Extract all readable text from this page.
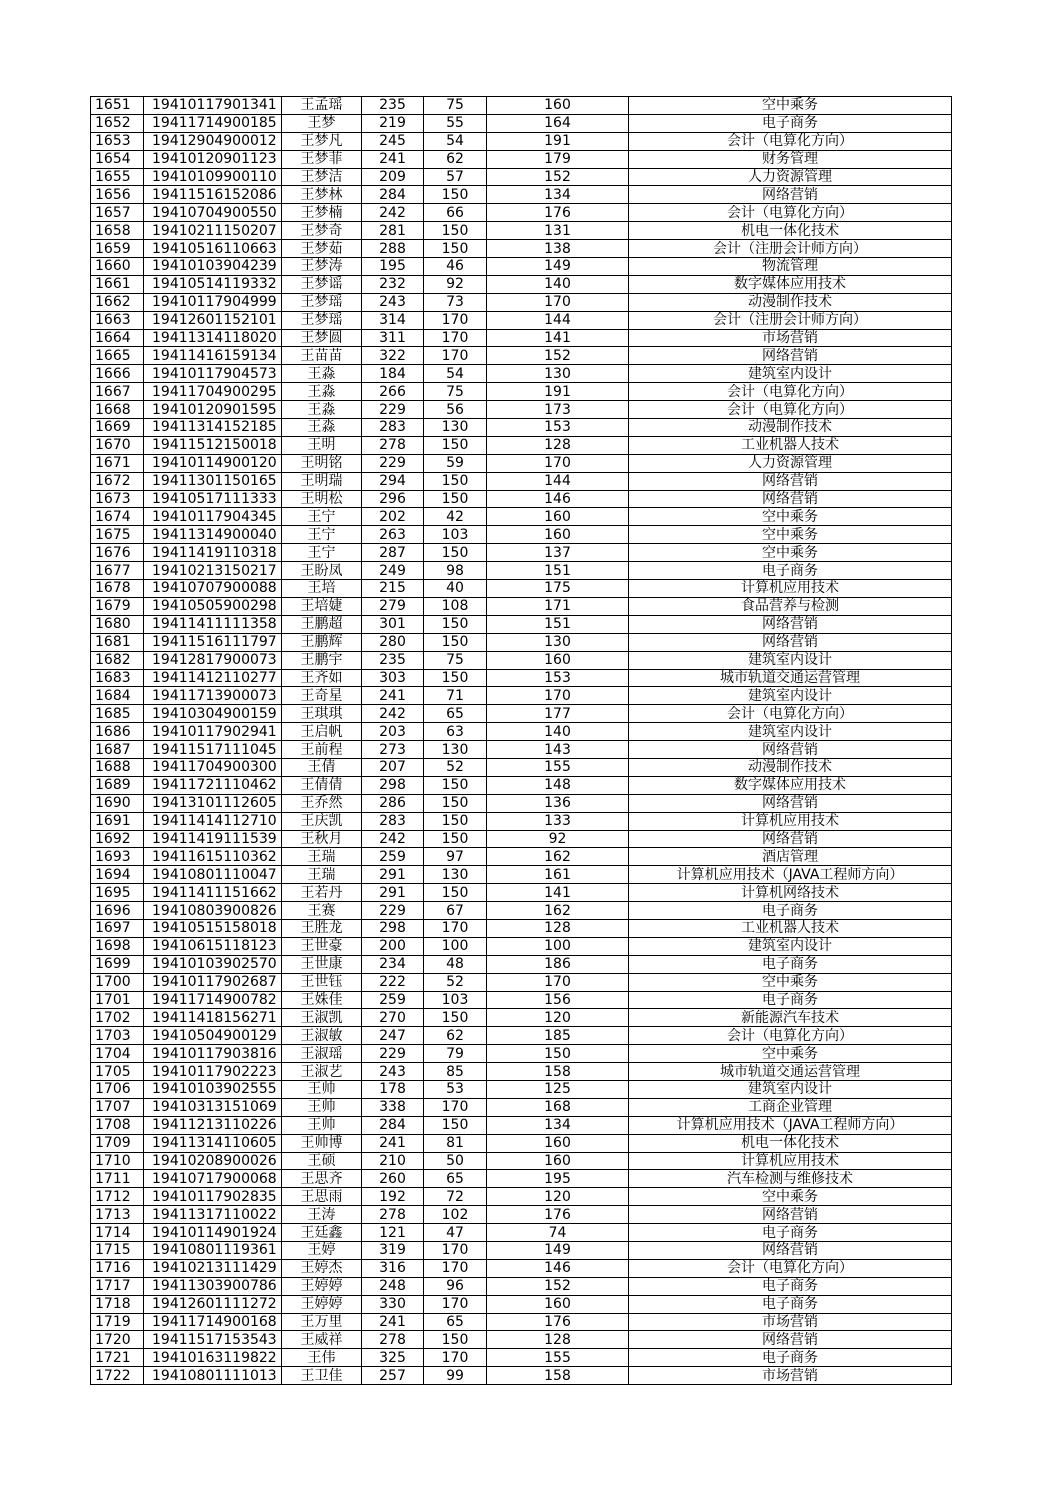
1651	19410117901341	王孟瑶	235	75	160	空中乘务
1652	19411714900185	王梦	219	55	164	电子商务
1653	19412904900012	王梦凡	245	54	191	会计（电算化方向）
1654	19410120901123	王梦菲	241	62	179	财务管理
1655	19410109900110	王梦洁	209	57	152	人力资源管理
1656	19411516152086	王梦林	284	150	134	网络营销
1657	19410704900550	王梦楠	242	66	176	会计（电算化方向）
1658	19410211150207	王梦奇	281	150	131	机电一体化技术
1659	19410516110663	王梦茹	288	150	138	会计（注册会计师方向）
1660	19410103904239	王梦涛	195	46	149	物流管理
1661	19410514119332	王梦谣	232	92	140	数字媒体应用技术
1662	19410117904999	王梦瑶	243	73	170	动漫制作技术
1663	19412601152101	王梦瑶	314	170	144	会计（注册会计师方向）
1664	19411314118020	王梦圆	311	170	141	市场营销
1665	19411416159134	王苗苗	322	170	152	网络营销
1666	19410117904573	王淼	184	54	130	建筑室内设计
1667	19411704900295	王淼	266	75	191	会计（电算化方向）
1668	19410120901595	王淼	229	56	173	会计（电算化方向）
1669	19411314152185	王淼	283	130	153	动漫制作技术
1670	19411512150018	王明	278	150	128	工业机器人技术
1671	19410114900120	王明铭	229	59	170	人力资源管理
1672	19411301150165	王明瑞	294	150	144	网络营销
1673	19410517111333	王明松	296	150	146	网络营销
1674	19410117904345	王宁	202	42	160	空中乘务
1675	19411314900040	王宁	263	103	160	空中乘务
1676	19411419110318	王宁	287	150	137	空中乘务
1677	19410213150217	王盼凤	249	98	151	电子商务
1678	19410707900088	王培	215	40	175	计算机应用技术
1679	19410505900298	王培婕	279	108	171	食品营养与检测
1680	19411411111358	王鹏超	301	150	151	网络营销
1681	19411516111797	王鹏辉	280	150	130	网络营销
1682	19412817900073	王鹏宇	235	75	160	建筑室内设计
1683	19411412110277	王齐如	303	150	153	城市轨道交通运营管理
1684	19411713900073	王奇星	241	71	170	建筑室内设计
1685	19410304900159	王琪琪	242	65	177	会计（电算化方向）
1686	19410117902941	王启帆	203	63	140	建筑室内设计
1687	19411517111045	王前程	273	130	143	网络营销
1688	19411704900300	王倩	207	52	155	动漫制作技术
1689	19411721110462	王倩倩	298	150	148	数字媒体应用技术
1690	19413101112605	王乔然	286	150	136	网络营销
1691	19411414112710	王庆凯	283	150	133	计算机应用技术
1692	19411419111539	王秋月	242	150	92	网络营销
1693	19411615110362	王瑞	259	97	162	酒店管理
1694	19410801110047	王瑞	291	130	161	计算机应用技术（JAVA工程师方向）
1695	19411411151662	王若丹	291	150	141	计算机网络技术
1696	19410803900826	王赛	229	67	162	电子商务
1697	19410515158018	王胜龙	298	170	128	工业机器人技术
1698	19410615118123	王世豪	200	100	100	建筑室内设计
1699	19410103902570	王世康	234	48	186	电子商务
1700	19410117902687	王世钰	222	52	170	空中乘务
1701	19411714900782	王姝佳	259	103	156	电子商务
1702	19411418156271	王淑凯	270	150	120	新能源汽车技术
1703	19410504900129	王淑敏	247	62	185	会计（电算化方向）
1704	19410117903816	王淑瑶	229	79	150	空中乘务
1705	19410117902223	王淑艺	243	85	158	城市轨道交通运营管理
1706	19410103902555	王帅	178	53	125	建筑室内设计
1707	19410313151069	王帅	338	170	168	工商企业管理
1708	19411213110226	王帅	284	150	134	计算机应用技术（JAVA工程师方向）
1709	19411314110605	王帅博	241	81	160	机电一体化技术
1710	19410208900026	王硕	210	50	160	计算机应用技术
1711	19410717900068	王思齐	260	65	195	汽车检测与维修技术
1712	19410117902835	王思雨	192	72	120	空中乘务
1713	19411317110022	王涛	278	102	176	网络营销
1714	19410114901924	王廷鑫	121	47	74	电子商务
1715	19410801119361	王婷	319	170	149	网络营销
1716	19410213111429	王婷杰	316	170	146	会计（电算化方向）
1717	19411303900786	王婷婷	248	96	152	电子商务
1718	19412601111272	王婷婷	330	170	160	电子商务
1719	19411714900168	王万里	241	65	176	市场营销
1720	19411517153543	王威祥	278	150	128	网络营销
1721	19410163119822	王伟	325	170	155	电子商务
1722	19410801111013	王卫佳	257	99	158	市场营销
